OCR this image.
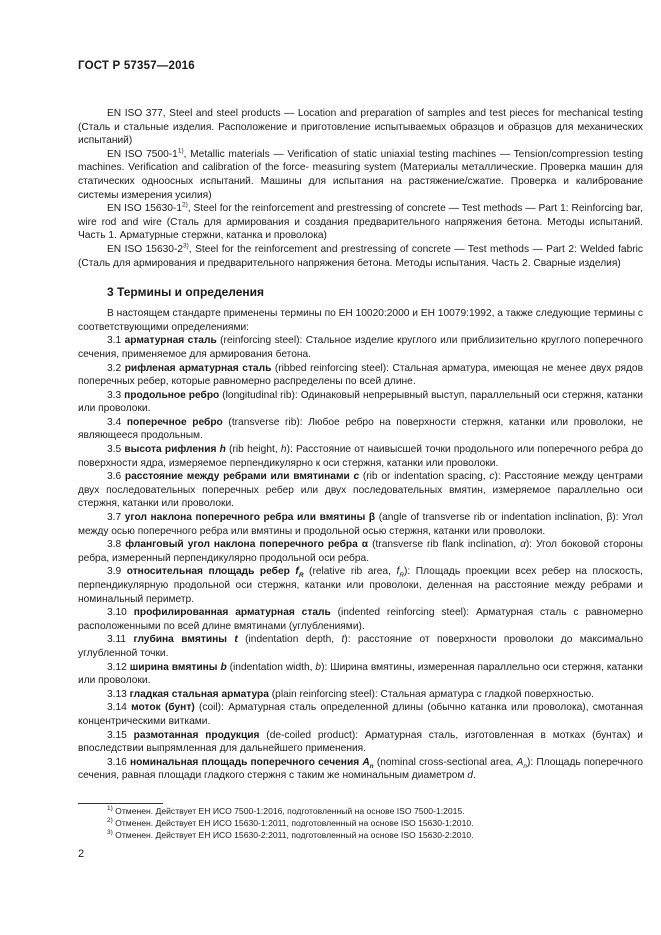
ГОСТ Р 57357—2016

EN ISO 377, Steel and steel products — Location and preparation of samples and test pieces for mechanical testing (Сталь и стальные изделия. Расположение и приготовление испытываемых образцов и образцов для механических испытаний)

EN ISO 7500-1$^{1)}$, Metallic materials — Verification of static uniaxial testing machines — Tension/compression testing machines. Verification and calibration of the force- measuring system (Материалы металлические. Проверка машин для статических одноосных испытаний. Машины для испытания на растяжение/сжатие. Проверка и калибрование системы измерения усилия)

EN ISO 15630-1$^{2)}$, Steel for the reinforcement and prestressing of concrete — Test methods — Part 1: Reinforcing bar, wire rod and wire (Сталь для армирования и создания предварительного напряжения бетона. Методы испытаний. Часть 1. Арматурные стержни, катанка и проволока)

EN ISO 15630-2$^{3)}$, Steel for the reinforcement and prestressing of concrete — Test methods — Part 2: Welded fabric (Сталь для армирования и предварительного напряжения бетона. Методы испытания. Часть 2. Сварные изделия)

3 Термины и определения

В настоящем стандарте применены термины по ЕН 10020:2000 и ЕН 10079:1992, а также следующие термины с соответствующими определениями:

3.1 арматурная сталь (reinforcing steel): Стальное изделие круглого или приблизительно круглого поперечного сечения, применяемое для армирования бетона.

3.2 рифленая арматурная сталь (ribbed reinforcing steel): Стальная арматура, имеющая не менее двух рядов поперечных ребер, которые равномерно распределены по всей длине.

3.3 продольное ребро (longitudinal rib): Одинаковый непрерывный выступ, параллельный оси стержня, катанки или проволоки.

3.4 поперечное ребро (transverse rib): Любое ребро на поверхности стержня, катанки или проволоки, не являющееся продольным.

3.5 высота рифления h (rib height, h): Расстояние от наивысшей точки продольного или поперечного ребра до поверхности ядра, измеряемое перпендикулярно к оси стержня, катанки или проволоки.

3.6 расстояние между ребрами или вмятинами c (rib or indentation spacing, c): Расстояние между центрами двух последовательных поперечных ребер или двух последовательных вмятин, измеряемое параллельно оси стержня, катанки или проволоки.

3.7 угол наклона поперечного ребра или вмятины β (angle of transverse rib or indentation inclination, β): Угол между осью поперечного ребра или вмятины и продольной осью стержня, катанки или проволоки.

3.8 фланговый угол наклона поперечного ребра α (transverse rib flank inclination, α): Угол боковой стороны ребра, измеренный перпендикулярно продольной оси ребра.

3.9 относительная площадь ребер $f_R$ (relative rib area, $f_R$): Площадь проекции всех ребер на плоскость, перпендикулярную продольной оси стержня, катанки или проволоки, деленная на расстояние между ребрами и номинальный периметр.

3.10 профилированная арматурная сталь (indented reinforcing steel): Арматурная сталь с равномерно расположенными по всей длине вмятинами (углублениями).

3.11 глубина вмятины t (indentation depth, t): расстояние от поверхности проволоки до максимально углубленной точки.

3.12 ширина вмятины b (indentation width, b): Ширина вмятины, измеренная параллельно оси стержня, катанки или проволоки.

3.13 гладкая стальная арматура (plain reinforcing steel): Стальная арматура с гладкой поверхностью.

3.14 моток (бунт) (coil): Арматурная сталь определенной длины (обычно катанка или проволока), смотанная концентрическими витками.

3.15 размотанная продукция (de-coiled product): Арматурная сталь, изготовленная в мотках (бунтах) и впоследствии выпрямленная для дальнейшего применения.

3.16 номинальная площадь поперечного сечения $A_n$ (nominal cross-sectional area, $A_n$): Площадь поперечного сечения, равная площади гладкого стержня с таким же номинальным диаметром d.

$^{1)}$ Отменен. Действует ЕН ИСО 7500-1:2016, подготовленный на основе ISO 7500-1:2015.

$^{2)}$ Отменен. Действует ЕН ИСО 15630-1:2011, подготовленный на основе ISO 15630-1:2010.

$^{3)}$ Отменен. Действует ЕН ИСО 15630-2:2011, подготовленный на основе ISO 15630-2:2010.

2
